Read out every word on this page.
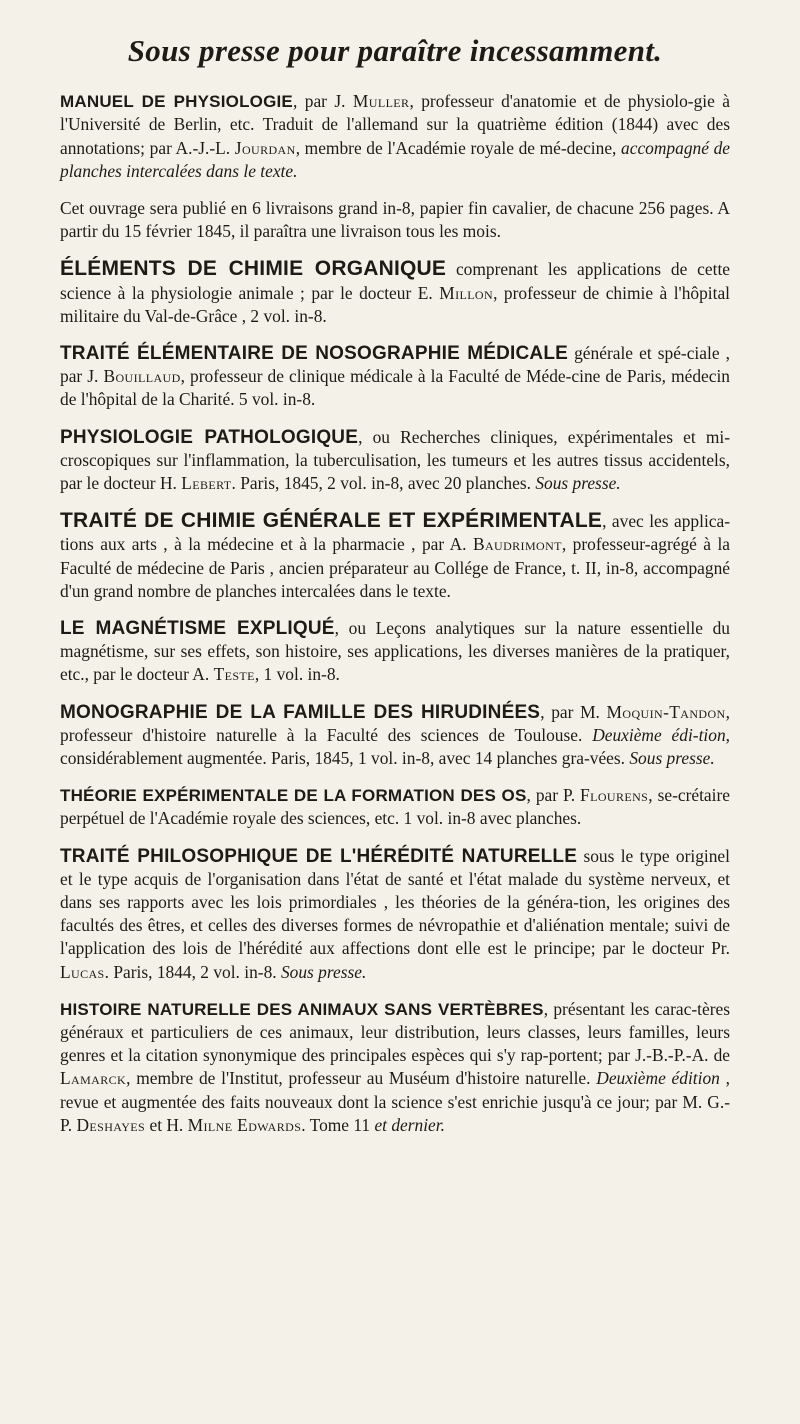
Sous presse pour paraître incessamment.

MANUEL DE PHYSIOLOGIE, par J. Muller, professeur d'anatomie et de physiolo-gie à l'Université de Berlin, etc. Traduit de l'allemand sur la quatrième édition (1844) avec des annotations; par A.-J.-L. Jourdan, membre de l'Académie royale de mé-decine, accompagné de planches intercalées dans le texte.

Cet ouvrage sera publié en 6 livraisons grand in-8, papier fin cavalier, de chacune 256 pages. A partir du 15 février 1845, il paraîtra une livraison tous les mois.

ÉLÉMENTS DE CHIMIE ORGANIQUE comprenant les applications de cette science à la physiologie animale ; par le docteur E. Millon, professeur de chimie à l'hôpital militaire du Val-de-Grâce , 2 vol. in-8.

TRAITÉ ÉLÉMENTAIRE DE NOSOGRAPHIE MÉDICALE générale et spé-ciale , par J. Bouillaud, professeur de clinique médicale à la Faculté de Méde-cine de Paris, médecin de l'hôpital de la Charité. 5 vol. in-8.

PHYSIOLOGIE PATHOLOGIQUE, ou Recherches cliniques, expérimentales et mi-croscopiques sur l'inflammation, la tuberculisation, les tumeurs et les autres tissus accidentels, par le docteur H. Lebert. Paris, 1845, 2 vol. in-8, avec 20 planches. Sous presse.

TRAITÉ DE CHIMIE GÉNÉRALE ET EXPÉRIMENTALE, avec les applica-tions aux arts , à la médecine et à la pharmacie , par A. Baudrimont, professeur-agrégé à la Faculté de médecine de Paris , ancien préparateur au Collége de France, t. II, in-8, accompagné d'un grand nombre de planches intercalées dans le texte.

LE MAGNÉTISME EXPLIQUÉ, ou Leçons analytiques sur la nature essentielle du magnétisme, sur ses effets, son histoire, ses applications, les diverses manières de la pratiquer, etc., par le docteur A. Teste, 1 vol. in-8.

MONOGRAPHIE DE LA FAMILLE DES HIRUDINÉES, par M. Moquin-Tandon, professeur d'histoire naturelle à la Faculté des sciences de Toulouse. Deuxième édi-tion, considérablement augmentée. Paris, 1845, 1 vol. in-8, avec 14 planches gra-vées. Sous presse.

THÉORIE EXPÉRIMENTALE DE LA FORMATION DES OS, par P. Flourens, se-crétaire perpétuel de l'Académie royale des sciences, etc. 1 vol. in-8 avec planches.

TRAITÉ PHILOSOPHIQUE DE L'HÉRÉDITÉ NATURELLE sous le type originel et le type acquis de l'organisation dans l'état de santé et l'état malade du système nerveux, et dans ses rapports avec les lois primordiales , les théories de la généra-tion, les origines des facultés des êtres, et celles des diverses formes de névropathie et d'aliénation mentale; suivi de l'application des lois de l'hérédité aux affections dont elle est le principe; par le docteur Pr. Lucas. Paris, 1844, 2 vol. in-8. Sous presse.

HISTOIRE NATURELLE DES ANIMAUX SANS VERTÈBRES, présentant les carac-tères généraux et particuliers de ces animaux, leur distribution, leurs classes, leurs familles, leurs genres et la citation synonymique des principales espèces qui s'y rap-portent; par J.-B.-P.-A. de Lamarck, membre de l'Institut, professeur au Muséum d'histoire naturelle. Deuxième édition , revue et augmentée des faits nouveaux dont la science s'est enrichie jusqu'à ce jour; par M. G.-P. Deshayes et H. Milne Edwards. Tome 11 et dernier.
